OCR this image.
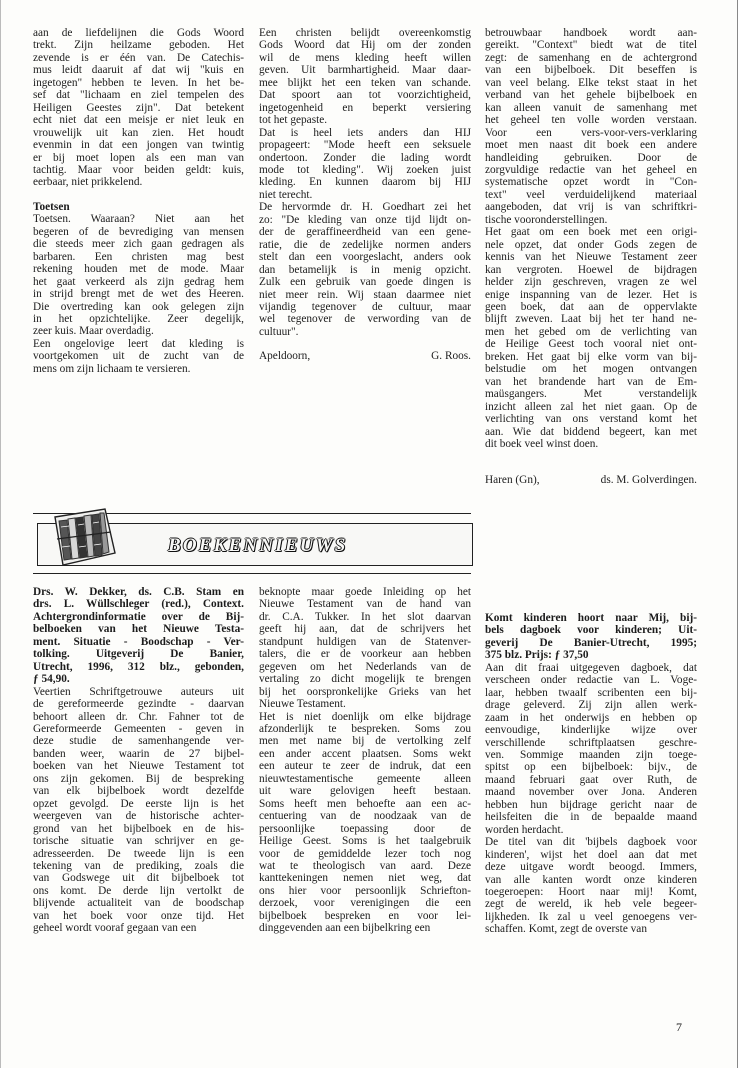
aan de liefdelijnen die Gods Woord
trekt. Zijn heilzame geboden. Het
zevende is er één van. De Catechis-
mus leidt daaruit af dat wij "kuis en
ingetogen" hebben te leven. In het be-
sef dat "lichaam en ziel tempelen des
Heiligen Geestes zijn". Dat betekent
echt niet dat een meisje er niet leuk en
vrouwelijk uit kan zien. Het houdt
evenmin in dat een jongen van twintig
er bij moet lopen als een man van
tachtig. Maar voor beiden geldt: kuis,
eerbaar, niet prikkelend.
Toetsen
Toetsen. Waaraan? Niet aan het
begeren of de bevrediging van mensen
die steeds meer zich gaan gedragen als
barbaren. Een christen mag best
rekening houden met de mode. Maar
het gaat verkeerd als zijn gedrag hem
in strijd brengt met de wet des Heeren.
Die overtreding kan ook gelegen zijn
in het opzichtelijke. Zeer degelijk,
zeer kuis. Maar overdadig.
Een ongelovige leert dat kleding is
voortgekomen uit de zucht van de
mens om zijn lichaam te versieren.
Een christen belijdt overeenkomstig
Gods Woord dat Hij om der zonden
wil de mens kleding heeft willen
geven. Uit barmhartigheid. Maar daar-
mee blijkt het een teken van schande.
Dat spoort aan tot voorzichtigheid,
ingetogenheid en beperkt versiering
tot het gepaste.
Dat is heel iets anders dan HIJ
propageert: "Mode heeft een seksuele
ondertoon. Zonder die lading wordt
mode tot kleding". Wij zoeken juist
kleding. En kunnen daarom bij HIJ
niet terecht.
De hervormde dr. H. Goedhart zei het
zo: "De kleding van onze tijd lijdt on-
der de geraffineerdheid van een gene-
ratie, die de zedelijke normen anders
stelt dan een voorgeslacht, anders ook
dan betamelijk is in menig opzicht.
Zulk een gebruik van goede dingen is
niet meer rein. Wij staan daarmee niet
vijandig tegenover de cultuur, maar
wel tegenover de verwording van de
cultuur".
Apeldoorn,	G. Roos.
betrouwbaar handboek wordt aan-
gereikt. "Context" biedt wat de titel
zegt: de samenhang en de achtergrond
van een bijbelboek. Dit beseffen is
van veel belang. Elke tekst staat in het
verband van het gehele bijbelboek en
kan alleen vanuit de samenhang met
het geheel ten volle worden verstaan.
Voor een vers-voor-vers-verklaring
moet men naast dit boek een andere
handleiding gebruiken. Door de
zorgvuldige redactie van het geheel en
systematische opzet wordt in "Con-
text" veel verduidelijkend materiaal
aangeboden, dat vrij is van schriftkri-
tische vooronderstellingen.
Het gaat om een boek met een origi-
nele opzet, dat onder Gods zegen de
kennis van het Nieuwe Testament zeer
kan vergroten. Hoewel de bijdragen
helder zijn geschreven, vragen ze wel
enige inspanning van de lezer. Het is
geen boek, dat aan de oppervlakte
blijft zweven. Laat bij het ter hand ne-
men het gebed om de verlichting van
de Heilige Geest toch vooral niet ont-
breken. Het gaat bij elke vorm van bij-
belstudie om het mogen ontvangen
van het brandende hart van de Em-
maüsgangers. Met verstandelijk
inzicht alleen zal het niet gaan. Op de
verlichting van ons verstand komt het
aan. Wie dat biddend begeert, kan met
dit boek veel winst doen.
Haren (Gn),	ds. M. Golverdingen.
BOEKENNIEUWS
Drs. W. Dekker, ds. C.B. Stam en
drs. L. Wüllschleger (red.), Context.
Achtergrondinformatie over de Bij-
belboeken van het Nieuwe Testa-
ment. Situatie - Boodschap - Ver-
tolking. Uitgeverij De Banier,
Utrecht, 1996, 312 blz., gebonden,
ƒ 54,90.
Veertien Schriftgetrouwe auteurs uit
de gereformeerde gezindte - daarvan
behoort alleen dr. Chr. Fahner tot de
Gereformeerde Gemeenten - geven in
deze studie de samenhangende ver-
banden weer, waarin de 27 bijbel-
boeken van het Nieuwe Testament tot
ons zijn gekomen. Bij de bespreking
van elk bijbelboek wordt dezelfde
opzet gevolgd. De eerste lijn is het
weergeven van de historische achter-
grond van het bijbelboek en de his-
torische situatie van schrijver en ge-
adresseerden. De tweede lijn is een
tekening van de prediking, zoals die
van Godswege uit dit bijbelboek tot
ons komt. De derde lijn vertolkt de
blijvende actualiteit van de boodschap
van het boek voor onze tijd. Het
geheel wordt vooraf gegaan van een
beknopte maar goede Inleiding op het
Nieuwe Testament van de hand van
dr. C.A. Tukker. In het slot daarvan
geeft hij aan, dat de schrijvers het
standpunt huldigen van de Statenver-
talers, die er de voorkeur aan hebben
gegeven om het Nederlands van de
vertaling zo dicht mogelijk te brengen
bij het oorspronkelijke Grieks van het
Nieuwe Testament.
Het is niet doenlijk om elke bijdrage
afzonderlijk te bespreken. Soms zou
men met name bij de vertolking zelf
een ander accent plaatsen. Soms wekt
een auteur te zeer de indruk, dat een
nieuwtestamentische gemeente alleen
uit ware gelovigen heeft bestaan.
Soms heeft men behoefte aan een ac-
centuering van de noodzaak van de
persoonlijke toepassing door de
Heilige Geest. Soms is het taalgebruik
voor de gemiddelde lezer toch nog
wat te theologisch van aard. Deze
kanttekeningen nemen niet weg, dat
ons hier voor persoonlijk Schriefton-
derzoek, voor verenigingen die een
bijbelboek bespreken en voor lei-
dinggevenden aan een bijbelkring een
Komt kinderen hoort naar Mij, bij-
bels dagboek voor kinderen; Uit-
geverij De Banier-Utrecht, 1995;
375 blz. Prijs: ƒ 37,50
Aan dit fraai uitgegeven dagboek, dat
verscheen onder redactie van L. Voge-
laar, hebben twaalf scribenten een bij-
drage geleverd. Zij zijn allen werk-
zaam in het onderwijs en hebben op
eenvoudige, kinderlijke wijze over
verschillende schriftplaatsen geschre-
ven. Sommige maanden zijn toege-
spitst op een bijbelboek: bijv., de
maand februari gaat over Ruth, de
maand november over Jona. Anderen
hebben hun bijdrage gericht naar de
heilsfeiten die in de bepaalde maand
worden herdacht.
De titel van dit 'bijbels dagboek voor
kinderen', wijst het doel aan dat met
deze uitgave wordt beoogd. Immers,
van alle kanten wordt onze kinderen
toegeroepen: Hoort naar mij! Komt,
zegt de wereld, ik heb vele begeer-
lijkheden. Ik zal u veel genoegens ver-
schaffen. Komt, zegt de overste van
7
